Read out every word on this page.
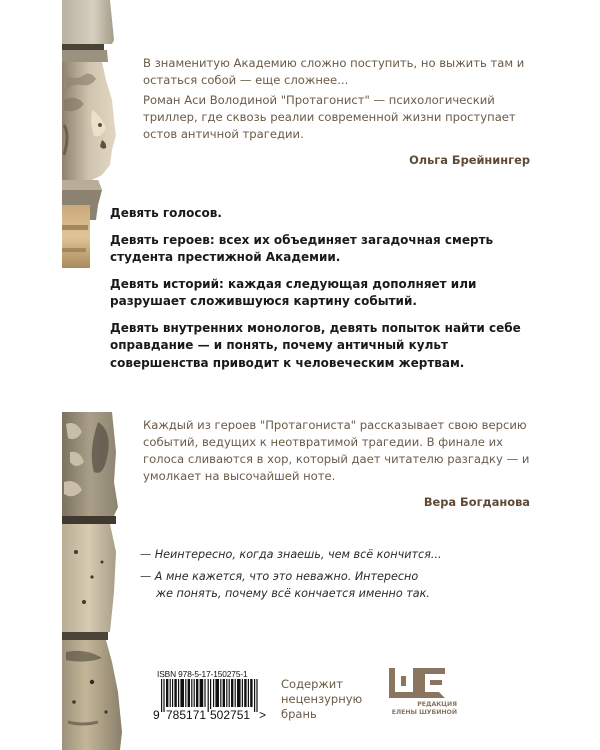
В знаменитую Академию сложно поступить, но выжить там и остаться собой — еще сложнее...

Роман Аси Володиной "Протагонист" — психологический триллер, где сквозь реалии современной жизни проступает остов античной трагедии.

Ольга Брейнингер

Девять голосов.

Девять героев: всех их объединяет загадочная смерть студента престижной Академии.

Девять историй: каждая следующая дополняет или разрушает сложившуюся картину событий.

Девять внутренних монологов, девять попыток найти себе оправдание — и понять, почему античный культ совершенства приводит к человеческим жертвам.

Каждый из героев "Протагониста" рассказывает свою версию событий, ведущих к неотвратимой трагедии. В финале их голоса сливаются в хор, который дает читателю разгадку — и умолкает на высочайшей ноте.

Вера Богданова

— Неинтересно, когда знаешь, чем всё кончится...

— А мне кажется, что это неважно. Интересно
же понять, почему всё кончается именно так.

ISBN 978-5-17-150275-1
9 785171 502751 >
Содержит
нецензурную
брань
РЕДАКЦИЯ
ЕЛЕНЫ ШУБИНОЙ
